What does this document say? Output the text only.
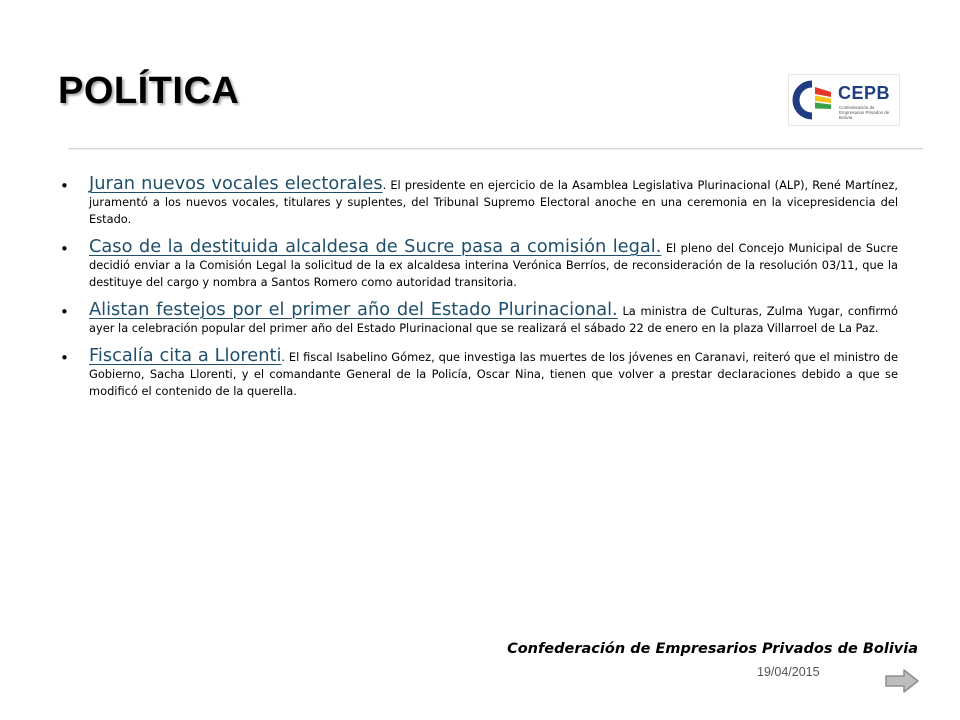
POLÍTICA	CEPB
Confederación de Empresarios Privados de Bolivia
• Juran nuevos vocales electorales. El presidente en ejercicio de la Asamblea Legislativa Plurinacional (ALP), René Martínez, juramentó a los nuevos vocales, titulares y suplentes, del Tribunal Supremo Electoral anoche en una ceremonia en la vicepresidencia del Estado.
• Caso de la destituida alcaldesa de Sucre pasa a comisión legal. El pleno del Concejo Municipal de Sucre decidió enviar a la Comisión Legal la solicitud de la ex alcaldesa interina Verónica Berríos, de reconsideración de la resolución 03/11, que la destituye del cargo y nombra a Santos Romero como autoridad transitoria.
• Alistan festejos por el primer año del Estado Plurinacional. La ministra de Culturas, Zulma Yugar, confirmó ayer la celebración popular del primer año del Estado Plurinacional que se realizará el sábado 22 de enero en la plaza Villarroel de La Paz.
• Fiscalía cita a Llorenti. El fiscal Isabelino Gómez, que investiga las muertes de los jóvenes en Caranavi, reiteró que el ministro de Gobierno, Sacha Llorenti, y el comandante General de la Policía, Oscar Nina, tienen que volver a prestar declaraciones debido a que se modificó el contenido de la querella.
Confederación de Empresarios Privados de Bolivia
19/04/2015
